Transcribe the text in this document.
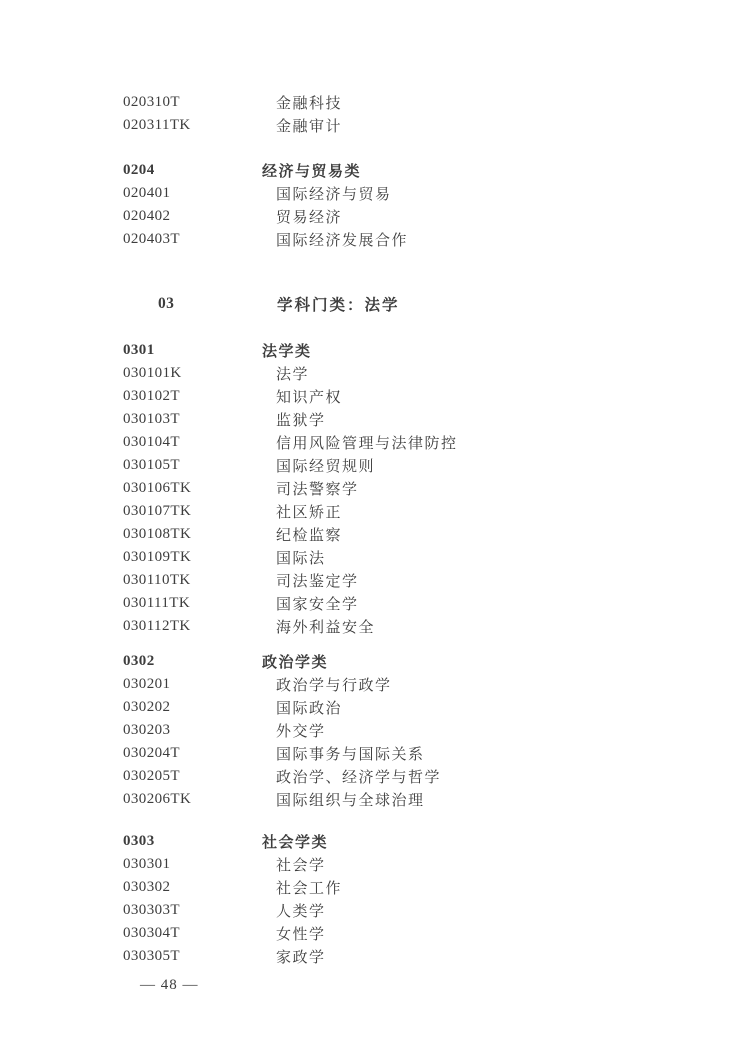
020310T	金融科技
020311TK	金融审计
0204	经济与贸易类
020401	国际经济与贸易
020402	贸易经济
020403T	国际经济发展合作
03	学科门类：法学
0301	法学类
030101K	法学
030102T	知识产权
030103T	监狱学
030104T	信用风险管理与法律防控
030105T	国际经贸规则
030106TK	司法警察学
030107TK	社区矫正
030108TK	纪检监察
030109TK	国际法
030110TK	司法鉴定学
030111TK	国家安全学
030112TK	海外利益安全
0302	政治学类
030201	政治学与行政学
030202	国际政治
030203	外交学
030204T	国际事务与国际关系
030205T	政治学、经济学与哲学
030206TK	国际组织与全球治理
0303	社会学类
030301	社会学
030302	社会工作
030303T	人类学
030304T	女性学
030305T	家政学
— 48 —
